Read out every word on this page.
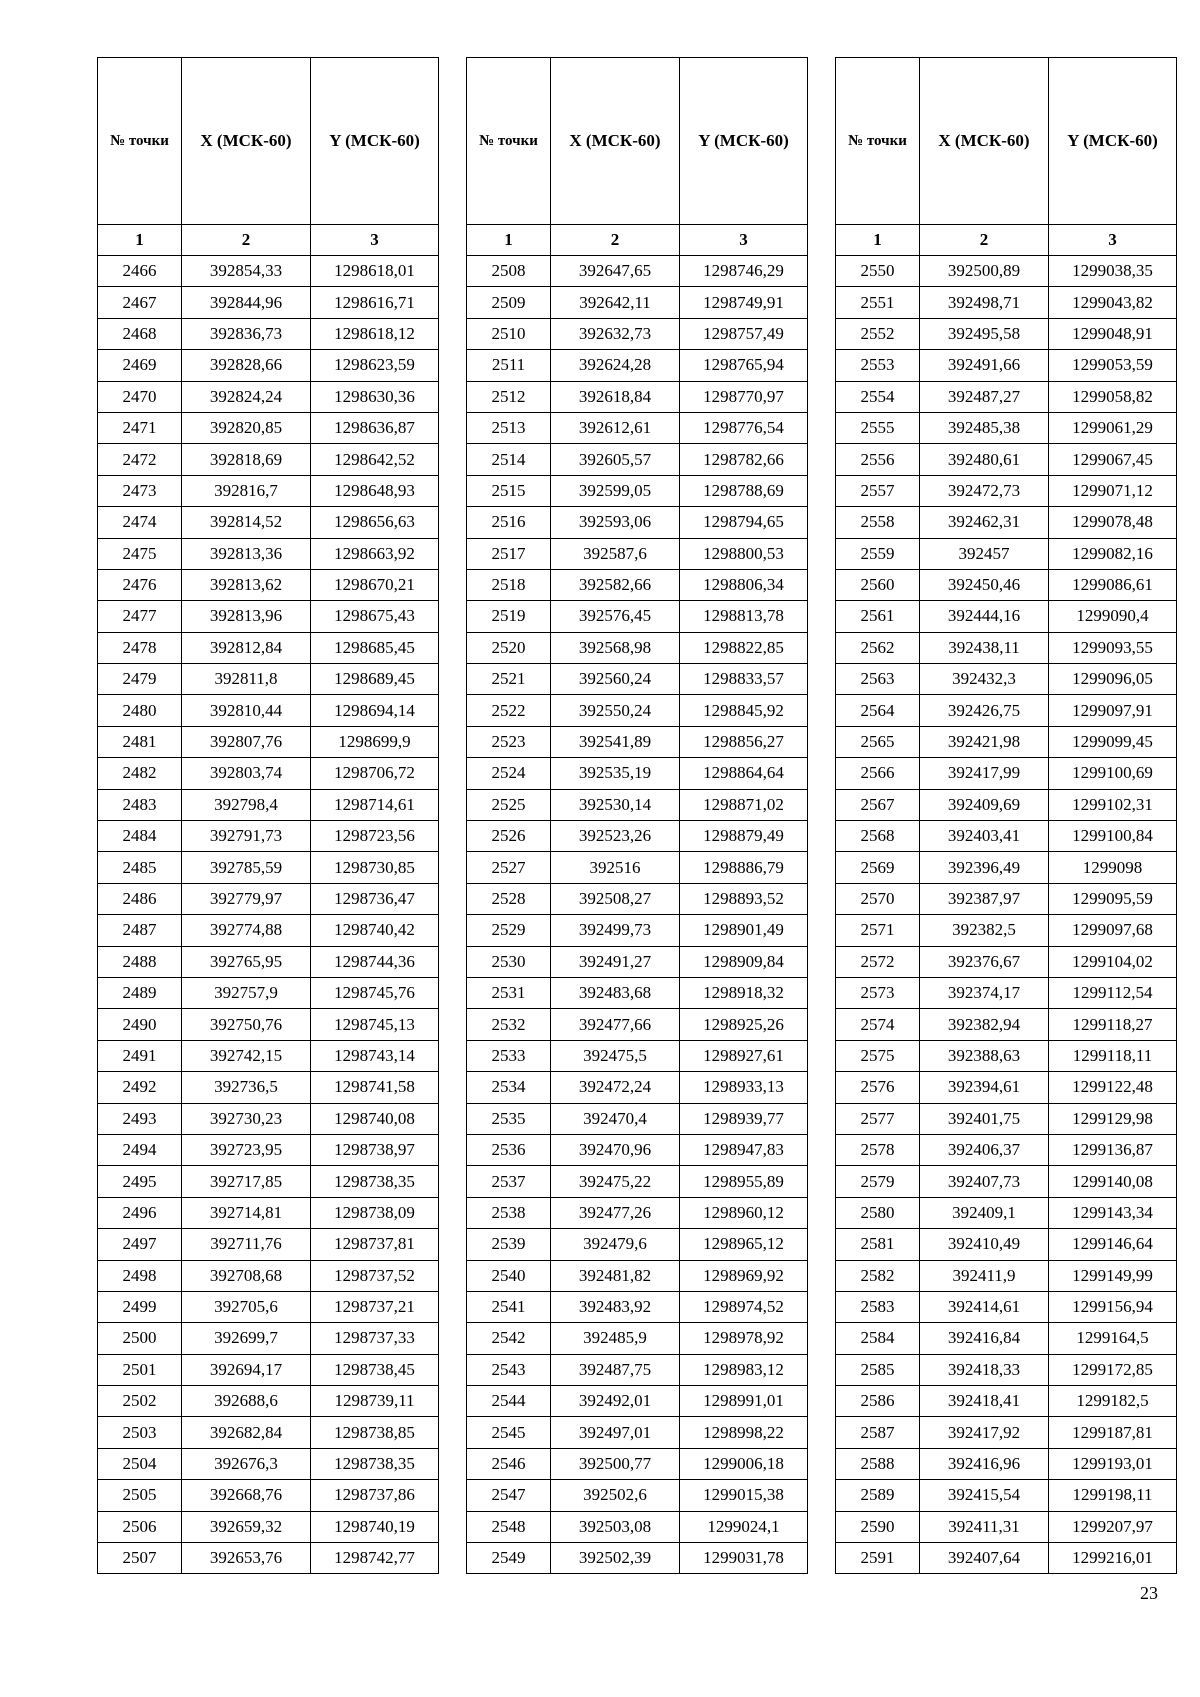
№ точки	X (МСК-60)	Y (МСК-60)
1	2	3
2466	392854,33	1298618,01
2467	392844,96	1298616,71
2468	392836,73	1298618,12
2469	392828,66	1298623,59
2470	392824,24	1298630,36
2471	392820,85	1298636,87
2472	392818,69	1298642,52
2473	392816,7	1298648,93
2474	392814,52	1298656,63
2475	392813,36	1298663,92
2476	392813,62	1298670,21
2477	392813,96	1298675,43
2478	392812,84	1298685,45
2479	392811,8	1298689,45
2480	392810,44	1298694,14
2481	392807,76	1298699,9
2482	392803,74	1298706,72
2483	392798,4	1298714,61
2484	392791,73	1298723,56
2485	392785,59	1298730,85
2486	392779,97	1298736,47
2487	392774,88	1298740,42
2488	392765,95	1298744,36
2489	392757,9	1298745,76
2490	392750,76	1298745,13
2491	392742,15	1298743,14
2492	392736,5	1298741,58
2493	392730,23	1298740,08
2494	392723,95	1298738,97
2495	392717,85	1298738,35
2496	392714,81	1298738,09
2497	392711,76	1298737,81
2498	392708,68	1298737,52
2499	392705,6	1298737,21
2500	392699,7	1298737,33
2501	392694,17	1298738,45
2502	392688,6	1298739,11
2503	392682,84	1298738,85
2504	392676,3	1298738,35
2505	392668,76	1298737,86
2506	392659,32	1298740,19
2507	392653,76	1298742,77
№ точки	X (МСК-60)	Y (МСК-60)
1	2	3
2508	392647,65	1298746,29
2509	392642,11	1298749,91
2510	392632,73	1298757,49
2511	392624,28	1298765,94
2512	392618,84	1298770,97
2513	392612,61	1298776,54
2514	392605,57	1298782,66
2515	392599,05	1298788,69
2516	392593,06	1298794,65
2517	392587,6	1298800,53
2518	392582,66	1298806,34
2519	392576,45	1298813,78
2520	392568,98	1298822,85
2521	392560,24	1298833,57
2522	392550,24	1298845,92
2523	392541,89	1298856,27
2524	392535,19	1298864,64
2525	392530,14	1298871,02
2526	392523,26	1298879,49
2527	392516	1298886,79
2528	392508,27	1298893,52
2529	392499,73	1298901,49
2530	392491,27	1298909,84
2531	392483,68	1298918,32
2532	392477,66	1298925,26
2533	392475,5	1298927,61
2534	392472,24	1298933,13
2535	392470,4	1298939,77
2536	392470,96	1298947,83
2537	392475,22	1298955,89
2538	392477,26	1298960,12
2539	392479,6	1298965,12
2540	392481,82	1298969,92
2541	392483,92	1298974,52
2542	392485,9	1298978,92
2543	392487,75	1298983,12
2544	392492,01	1298991,01
2545	392497,01	1298998,22
2546	392500,77	1299006,18
2547	392502,6	1299015,38
2548	392503,08	1299024,1
2549	392502,39	1299031,78
№ точки	X (МСК-60)	Y (МСК-60)
1	2	3
2550	392500,89	1299038,35
2551	392498,71	1299043,82
2552	392495,58	1299048,91
2553	392491,66	1299053,59
2554	392487,27	1299058,82
2555	392485,38	1299061,29
2556	392480,61	1299067,45
2557	392472,73	1299071,12
2558	392462,31	1299078,48
2559	392457	1299082,16
2560	392450,46	1299086,61
2561	392444,16	1299090,4
2562	392438,11	1299093,55
2563	392432,3	1299096,05
2564	392426,75	1299097,91
2565	392421,98	1299099,45
2566	392417,99	1299100,69
2567	392409,69	1299102,31
2568	392403,41	1299100,84
2569	392396,49	1299098
2570	392387,97	1299095,59
2571	392382,5	1299097,68
2572	392376,67	1299104,02
2573	392374,17	1299112,54
2574	392382,94	1299118,27
2575	392388,63	1299118,11
2576	392394,61	1299122,48
2577	392401,75	1299129,98
2578	392406,37	1299136,87
2579	392407,73	1299140,08
2580	392409,1	1299143,34
2581	392410,49	1299146,64
2582	392411,9	1299149,99
2583	392414,61	1299156,94
2584	392416,84	1299164,5
2585	392418,33	1299172,85
2586	392418,41	1299182,5
2587	392417,92	1299187,81
2588	392416,96	1299193,01
2589	392415,54	1299198,11
2590	392411,31	1299207,97
2591	392407,64	1299216,01
23
